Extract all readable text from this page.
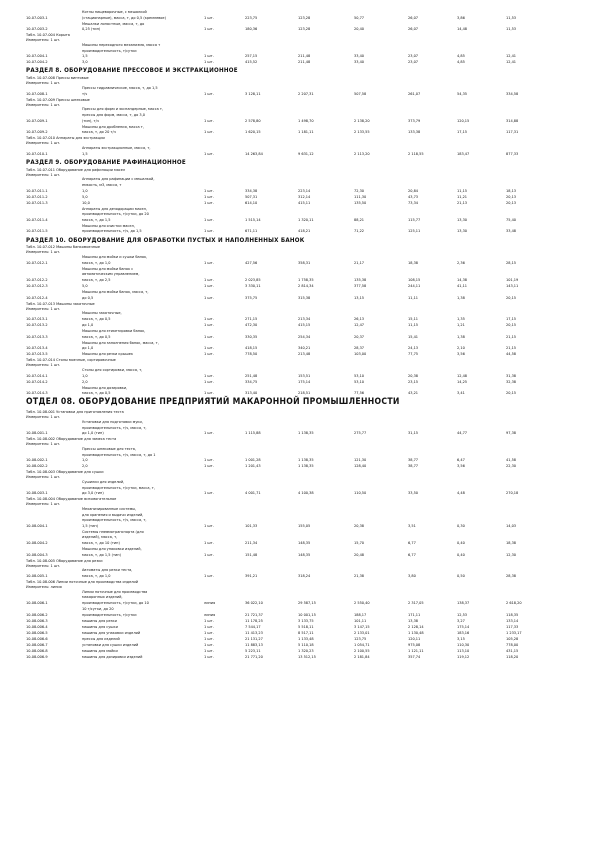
Котлы пищеварочные, с мешалкой
10-07-003-1	(стационарные), масса, т, до 0,5 (кремлевое)	1 шт.	223,75	123,28	50,77	26,07	3,86	11,53
Мешалки лопастные, масса, т, до
10-07-003-2	0,25 (тип)	1 шт.	180,36	123,28	20,40	26,07	14,48	11,53
Табл. 10-07-004 Корыта
Измеритель: 1 шт.
Машины переходного механизма, масса т
производительность, т/сутки
10-07-004-1	1,5	1 шт.	257,15	211,48	33,40	23,07	4,85	12,41
10-07-004-2	3,0	1 шт.	415,52	211,48	33,40	23,07	4,85	12,41
РАЗДЕЛ 8. ОБОРУДОВАНИЕ ПРЕССОВОЕ И ЭКСТРАКЦИОННОЕ
Табл. 10-07-008 Прессы винтовые
Измеритель: 1 шт.
Прессы гидравлические, масса, т, до 1,5
10-07-008-1	т/ч	1 шт.	3 128,11	2 207,31	507,58	261,07	54,35	334,58
Табл. 10-07-009 Прессы шнековые
Измеритель: 1 шт.
Прессы для форм и экспандерные, масса т,
прессы для форм, масса, т, до 3,0
10-07-009-1	(тип), т/ч	1 шт.	2 578,80	1 498,70	2 138,20	373,79	120,15	314,88
Машины для дробления, масса т,
10-07-009-2	масса, т, до 20 т/ч	1 шт.	1 620,15	1 181,11	2 133,55	133,38	17,15	117,31
Табл. 10-07-010 Аппараты для экстракции
Измеритель: 1 шт.
Аппараты экстракционные, масса, т,
10-07-010-1	1,5	1 шт.	14 263,84	9 631,12	2 113,20	2 118,55	183,47	877,33
РАЗДЕЛ 9. ОБОРУДОВАНИЕ РАФИНАЦИОННОЕ
Табл. 10-07-011 Оборудование для рафинации масел
Измеритель: 1 шт.
Аппараты для рафинации с мешалкой,
емкость, м3, масса, т
10-07-011-1	1,0	1 шт.	334,38	223,14	72,30	20,84	11,15	18,13
10-07-011-2	5,0	1 шт.	507,31	312,14	111,30	43,73	11,21	20,13
10-07-011-3	10,0	1 шт.	614,10	415,11	135,50	73,34	21,13	20,13
Аппараты для дезодорации масел,
производительность, т/сутки, до 20
10-07-011-4	масса, т, до 1,5	1 шт.	1 515,14	1 320,11	88,21	115,77	13,30	75,40
Машины для очистки масел,
10-07-011-5	производительность, т/ч, до 1,5	1 шт.	671,11	418,21	71,22	125,11	13,30	33,48
РАЗДЕЛ 10. ОБОРУДОВАНИЕ ДЛЯ ОБРАБОТКИ ПУСТЫХ И НАПОЛНЕННЫХ БАНОК
Табл. 10-07-012 Машины банкомоечные
Измеритель: 1 шт.
Машины для мойки и сушки банок,
10-07-012-1	масса, т, до 1,0	1 шт.	427,56	358,31	21,17	18,38	2,36	28,15
Машины для мойки банок с
автоматическим управлением,
10-07-012-2	масса, т, до 2,5	1 шт.	2 023,85	1 758,35	135,38	108,15	14,38	101,19
10-07-012-3	5,0	1 шт.	3 330,11	2 814,34	377,58	244,11	41,11	143,11
Машины для мойки банок, масса, т,
10-07-012-4	до 0,5	1 шт.	375,75	315,38	13,15	11,11	1,38	20,15
Табл. 10-07-013 Машины закаточные
Измеритель: 1 шт.
Машины закаточные,
10-07-013-1	масса, т, до 0,5	1 шт.	271,15	213,34	26,13	15,11	1,35	17,15
10-07-013-2	до 1,0	1 шт.	472,30	415,15	12,47	11,15	1,21	20,15
Машины для этикетировки банок,
10-07-013-3	масса, т, до 0,5	1 шт.	330,35	254,34	20,37	15,41	1,38	21,15
Машины для заполнения банок, масса, т,
10-07-013-4	до 1,0	1 шт.	418,15	340,21	28,37	24,13	2,10	21,15
10-07-013-5	Машины для резки крышек	1 шт.	778,50	213,48	103,00	77,75	3,56	44,58
Табл. 10-07-014 Столы моечные, сортировочные
Измеритель: 1 шт.
Столы для сортировки, масса, т,
10-07-014-1	1,0	1 шт.	251,48	153,51	53,10	20,38	12,48	31,38
10-07-014-2	2,0	1 шт.	334,75	175,14	53,10	23,15	14,25	32,38
Машины для дозировки,
10-07-014-3	масса, т, до 0,5	1 шт.	313,40	218,51	77,56	43,21	3,41	20,15
ОТДЕЛ 08. ОБОРУДОВАНИЕ ПРЕДПРИЯТИЙ МАКАРОННОЙ ПРОМЫШЛЕННОСТИ
Табл. 10-08-001 Установки для приготовления теста
Измеритель: 1 шт.
Установки для подготовки муки,
производительность, т/ч, масса, т,
10-08-001-1	до 1,0 (тип)	1 шт.	1 115,88	1 138,35	275,77	31,15	44,77	97,38
Табл. 10-08-002 Оборудование для замеса теста
Измеритель: 1 шт.
Прессы шнековые для теста,
производительность, т/ч, масса, т, до 1
10-08-002-1	1,0	1 шт.	1 001,28	1 138,35	121,30	38,77	6,47	41,58
10-08-002-2	2,0	1 шт.	1 201,43	1 138,35	128,40	38,77	3,56	22,30
Табл. 10-08-003 Оборудование для сушки
Измеритель: 1 шт.
Сушилки для изделий,
производительность, т/сутки, масса, т,
10-08-003-1	до 3,0 (тип)	1 шт.	4 001,71	4 100,38	110,50	33,50	4,48	270,18
Табл. 10-08-004 Оборудование вспомогательное
Измеритель: 1 шт.
Механизированные системы,
для хранения и выдачи изделий,
производительность, т/ч, масса, т,
10-08-004-1	1,5 (тип)	1 шт.	101,33	155,05	20,38	3,51	0,30	14,03
Системы пневмотранспорта (для
изделий), масса, т,
10-08-004-2	масса, т, до 10 (тип)	1 шт.	211,34	148,35	15,70	6,77	0,40	18,38
Машины для упаковки изделий,
10-08-004-3	масса, т, до 1,5 (тип)	1 шт.	151,48	148,35	20,48	6,77	0,40	12,30
Табл. 10-08-005 Оборудование для резки
Измеритель: 1 шт.
Автоматы для резки теста,
10-08-005-1	масса, т, до 1,0	1 шт.	391,21	318,24	21,38	3,80	0,50	28,38
Табл. 10-08-006 Линии поточные для производства изделий
Измеритель: линия
Линии поточные для производства
макаронных изделий,
10-08-006-1	производительность, т/сутки, до 10	линия	36 022,10	29 587,15	2 550,40	2 317,05	138,37	2 618,20
10 т/сутки, до 20
10-08-006-2	производительность, т/сутки	линия	21 721,37	10 001,15	188,17	171,11	12,53	118,35
10-08-006-3	машины для резки	1 шт.	11 178,25	3 133,75	101,11	13,38	3,27	133,14
10-08-006-4	машины для сушки	1 шт.	7 544,17	5 518,11	3 147,15	2 128,14	175,14	117,33
10-08-006-5	машины для упаковки изделий	1 шт.	11 413,23	8 517,11	2 133,01	1 130,48	183,16	1 233,17
10-08-006-6	прессы для изделий	1 шт.	21 131,27	1 133,48	123,75	120,11	3,15	105,28
10-08-006-7	установки для сушки изделий	1 шт.	11 883,13	5 110,18	1 054,71	975,08	110,30	778,00
10-08-006-8	машины для мойки	1 шт.	5 223,11	1 320,23	2 100,55	1 121,11	113,10	431,15
10-08-006-9	машины для дозировки изделий	1 шт.	21 771,20	13 512,15	2 181,84	357,74	119,12	118,20
